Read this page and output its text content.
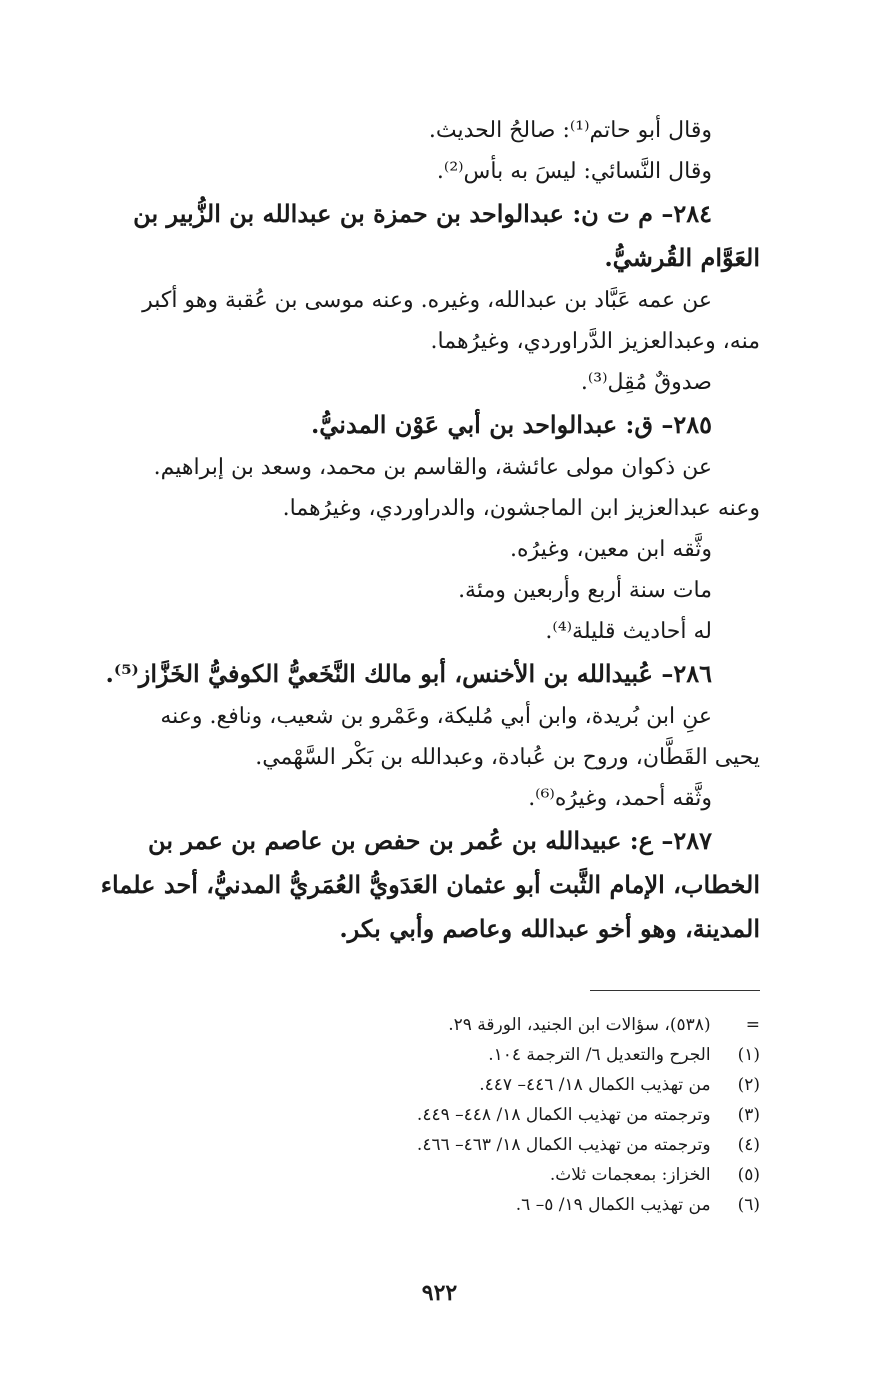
وقال أبو حاتم⁽¹⁾: صالحُ الحديث.
وقال النَّسائي: ليسَ به بأس⁽²⁾.
٢٨٤– م ت ن: عبدالواحد بن حمزة بن عبدالله بن الزُّبير بن
العَوَّام القُرشيُّ.
عن عمه عَبَّاد بن عبدالله، وغيره. وعنه موسى بن عُقبة وهو أكبر
منه، وعبدالعزيز الدَّراوردي، وغيرُهما.
صدوقٌ مُقِل⁽³⁾.
٢٨٥– ق: عبدالواحد بن أبي عَوْن المدنيُّ.
عن ذكوان مولى عائشة، والقاسم بن محمد، وسعد بن إبراهيم.
وعنه عبدالعزيز ابن الماجشون، والدراوردي، وغيرُهما.
وثَّقه ابن معين، وغيرُه.
مات سنة أربع وأربعين ومئة.
له أحاديث قليلة⁽⁴⁾.
٢٨٦– عُبيدالله بن الأخنس، أبو مالك النَّخَعيُّ الكوفيُّ الخَزَّاز⁽⁵⁾.
عنِ ابن بُريدة، وابن أبي مُليكة، وعَمْرو بن شعيب، ونافع. وعنه
يحيى القَطَّان، وروح بن عُبادة، وعبدالله بن بَكْر السَّهْمي.
وثَّقه أحمد، وغيرُه⁽⁶⁾.
٢٨٧– ع: عبيدالله بن عُمر بن حفص بن عاصم بن عمر بن
الخطاب، الإمام الثَّبت أبو عثمان العَدَويُّ العُمَريُّ المدنيُّ، أحد علماء
المدينة، وهو أخو عبدالله وعاصم وأبي بكر.
= (٥٣٨)، سؤالات ابن الجنيد، الورقة ٢٩.
(١) الجرح والتعديل ٦/ الترجمة ١٠٤.
(٢) من تهذيب الكمال ١٨/ ٤٤٦– ٤٤٧.
(٣) وترجمته من تهذيب الكمال ١٨/ ٤٤٨– ٤٤٩.
(٤) وترجمته من تهذيب الكمال ١٨/ ٤٦٣– ٤٦٦.
(٥) الخزاز: بمعجمات ثلاث.
(٦) من تهذيب الكمال ١٩/ ٥– ٦.
٩٢٢
